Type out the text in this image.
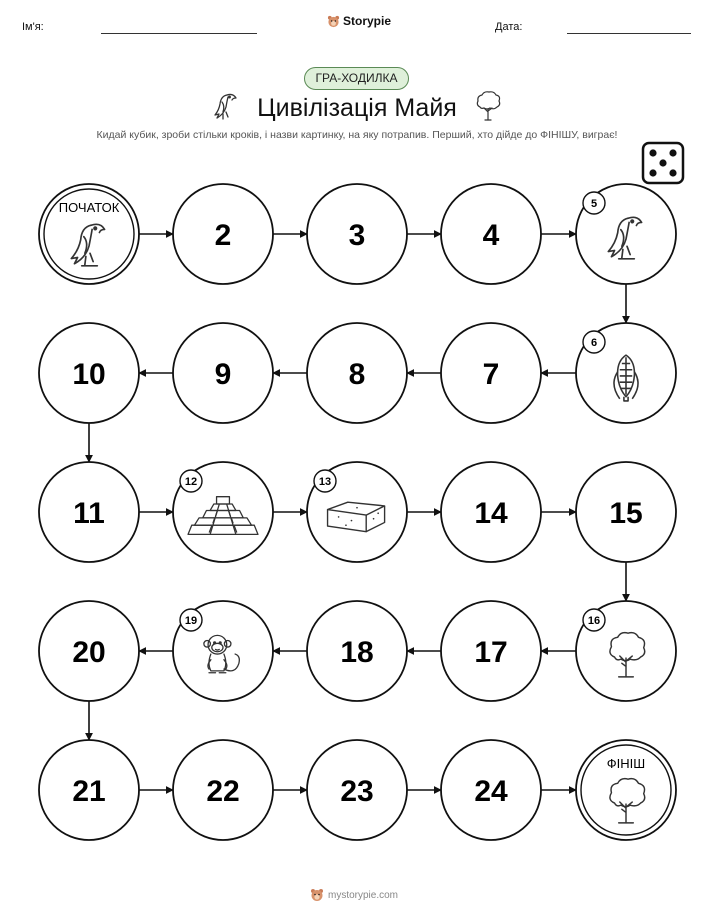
Ім'я:	Storypie	Дата:
ГРА-ХОДИЛКА
Цивілізація Майя
Кидай кубик, зроби стільки кроків, і назви картинку, на яку потрапив. Перший, хто дійде до ФІНІШУ, виграє!
ПОЧАТОК
2	3	4
5
6
7
8
9
10
11
12	13
14	15
16
17
18
19
20
21	22	23	24
ФІНІШ
mystorypie.com
